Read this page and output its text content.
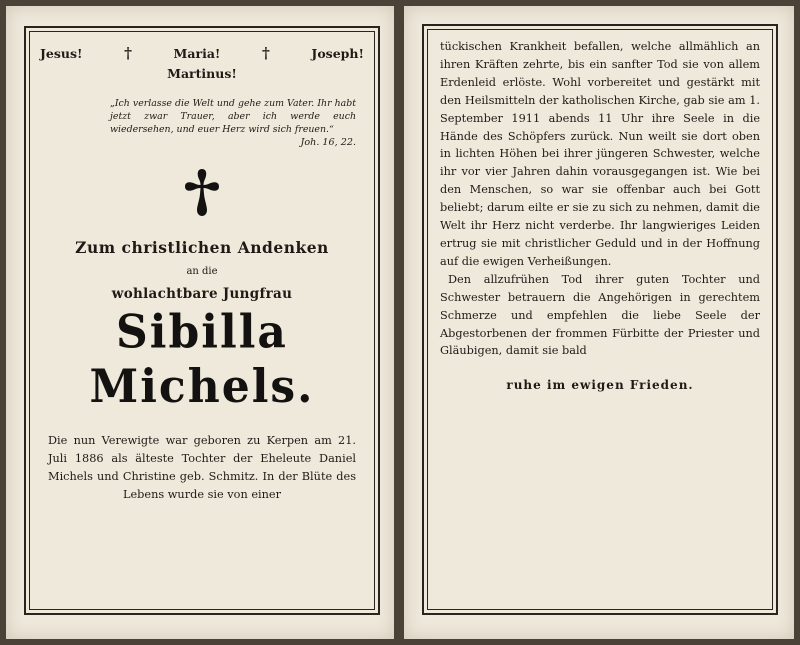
Jesus!	†	Maria!	†	Joseph!
Martinus!
„Ich verlasse die Welt und gehe zum Vater. Ihr habt jetzt zwar Trauer, aber ich werde euch wiedersehen, und euer Herz wird sich freuen.“
Joh. 16, 22.
Zum christlichen Andenken
an die
wohlachtbare Jungfrau
Sibilla Michels.
Die nun Verewigte war geboren zu Kerpen am 21. Juli 1886 als älteste Tochter der Eheleute Daniel Michels und Christine geb. Schmitz. In der Blüte des Lebens wurde sie von einer

tückischen Krankheit befallen, welche allmählich an ihren Kräften zehrte, bis ein sanfter Tod sie von allem Erdenleid erlöste. Wohl vorbereitet und gestärkt mit den Heilsmitteln der katholischen Kirche, gab sie am 1. September 1911 abends 11 Uhr ihre Seele in die Hände des Schöpfers zurück. Nun weilt sie dort oben in lichten Höhen bei ihrer jüngeren Schwester, welche ihr vor vier Jahren dahin vorausgegangen ist. Wie bei den Menschen, so war sie offenbar auch bei Gott beliebt; darum eilte er sie zu sich zu nehmen, damit die Welt ihr Herz nicht verderbe. Ihr langwieriges Leiden ertrug sie mit christlicher Geduld und in der Hoffnung auf die ewigen Verheißungen.

Den allzufrühen Tod ihrer guten Tochter und Schwester betrauern die Angehörigen in gerechtem Schmerze und empfehlen die liebe Seele der Abgestorbenen der frommen Fürbitte der Priester und Gläubigen, damit sie bald

ruhe im ewigen Frieden.
